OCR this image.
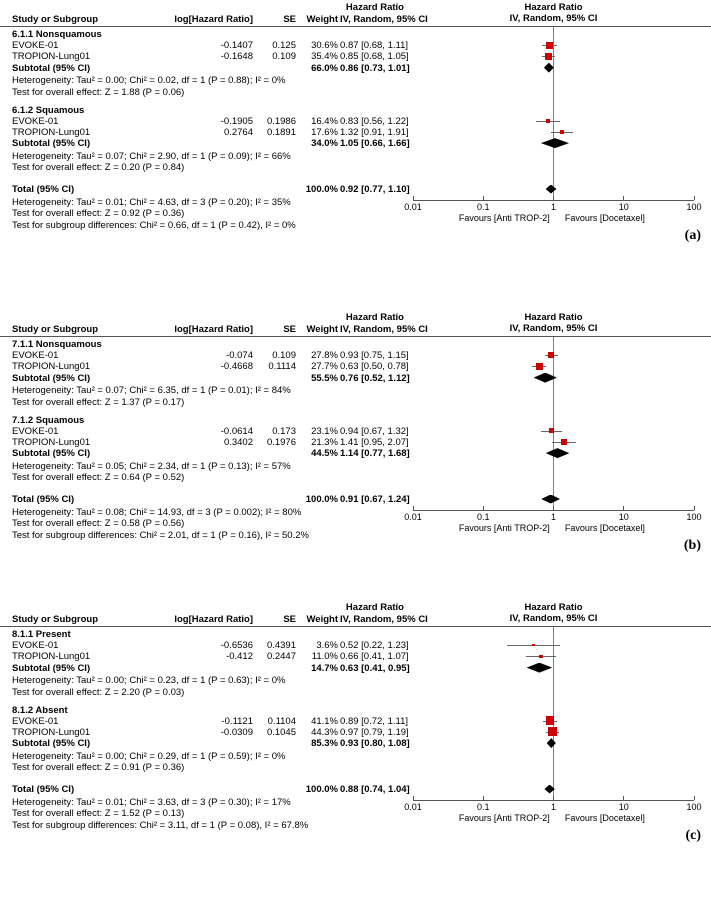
Hazard Ratio
Study or Subgroup	log[Hazard Ratio]	SE	Weight IV, Random, 95% CI
6.1.1 Nonsquamous
EVOKE-01	-0.1407	0.125	30.6% 0.87 [0.68, 1.11]
TROPION-Lung01	-0.1648	0.109	35.4% 0.85 [0.68, 1.05]
Subtotal (95% CI)	66.0% 0.86 [0.73, 1.01]
Heterogeneity: Tau² = 0.00; Chi² = 0.02, df = 1 (P = 0.88); I² = 0%
Test for overall effect: Z = 1.88 (P = 0.06)
6.1.2 Squamous
EVOKE-01	-0.1905	0.1986	16.4% 0.83 [0.56, 1.22]
TROPION-Lung01	0.2764	0.1891	17.6% 1.32 [0.91, 1.91]
Subtotal (95% CI)	34.0% 1.05 [0.66, 1.66]
Heterogeneity: Tau² = 0.07; Chi² = 2.90, df = 1 (P = 0.09); I² = 66%
Test for overall effect: Z = 0.20 (P = 0.84)
Total (95% CI)	100.0% 0.92 [0.77, 1.10]
Heterogeneity: Tau² = 0.01; Chi² = 4.63, df = 3 (P = 0.20); I² = 35%
Test for overall effect: Z = 0.92 (P = 0.36)
Test for subgroup differences: Chi² = 0.66, df = 1 (P = 0.42), I² = 0%
Hazard Ratio
IV, Random, 95% CI
0.01	0.1	1	10	100
Favours [Anti TROP-2] Favours [Docetaxel]
(a)
Hazard Ratio
Study or Subgroup	log[Hazard Ratio]	SE	Weight IV, Random, 95% CI
7.1.1 Nonsquamous
EVOKE-01	-0.074	0.109	27.8% 0.93 [0.75, 1.15]
TROPION-Lung01	-0.4668	0.1114	27.7% 0.63 [0.50, 0.78]
Subtotal (95% CI)	55.5% 0.76 [0.52, 1.12]
Heterogeneity: Tau² = 0.07; Chi² = 6.35, df = 1 (P = 0.01); I² = 84%
Test for overall effect: Z = 1.37 (P = 0.17)
7.1.2 Squamous
EVOKE-01	-0.0614	0.173	23.1% 0.94 [0.67, 1.32]
TROPION-Lung01	0.3402	0.1976	21.3% 1.41 [0.95, 2.07]
Subtotal (95% CI)	44.5% 1.14 [0.77, 1.68]
Heterogeneity: Tau² = 0.05; Chi² = 2.34, df = 1 (P = 0.13); I² = 57%
Test for overall effect: Z = 0.64 (P = 0.52)
Total (95% CI)	100.0% 0.91 [0.67, 1.24]
Heterogeneity: Tau² = 0.08; Chi² = 14.93, df = 3 (P = 0.002); I² = 80%
Test for overall effect: Z = 0.58 (P = 0.56)
Test for subgroup differences: Chi² = 2.01, df = 1 (P = 0.16), I² = 50.2%
Hazard Ratio
IV, Random, 95% CI
0.01	0.1	1	10	100
Favours [Anti TROP-2] Favours [Docetaxel]
(b)
Hazard Ratio
Study or Subgroup	log[Hazard Ratio]	SE	Weight IV, Random, 95% CI
8.1.1 Present
EVOKE-01	-0.6536	0.4391	3.6% 0.52 [0.22, 1.23]
TROPION-Lung01	-0.412	0.2447	11.0% 0.66 [0.41, 1.07]
Subtotal (95% CI)	14.7% 0.63 [0.41, 0.95]
Heterogeneity: Tau² = 0.00; Chi² = 0.23, df = 1 (P = 0.63); I² = 0%
Test for overall effect: Z = 2.20 (P = 0.03)
8.1.2 Absent
EVOKE-01	-0.1121	0.1104	41.1% 0.89 [0.72, 1.11]
TROPION-Lung01	-0.0309	0.1045	44.3% 0.97 [0.79, 1.19]
Subtotal (95% CI)	85.3% 0.93 [0.80, 1.08]
Heterogeneity: Tau² = 0.00; Chi² = 0.29, df = 1 (P = 0.59); I² = 0%
Test for overall effect: Z = 0.91 (P = 0.36)
Total (95% CI)	100.0% 0.88 [0.74, 1.04]
Heterogeneity: Tau² = 0.01; Chi² = 3.63, df = 3 (P = 0.30); I² = 17%
Test for overall effect: Z = 1.52 (P = 0.13)
Test for subgroup differences: Chi² = 3.11, df = 1 (P = 0.08), I² = 67.8%
Hazard Ratio
IV, Random, 95% CI
0.01	0.1	1	10	100
Favours [Anti TROP-2] Favours [Docetaxel]
(c)
